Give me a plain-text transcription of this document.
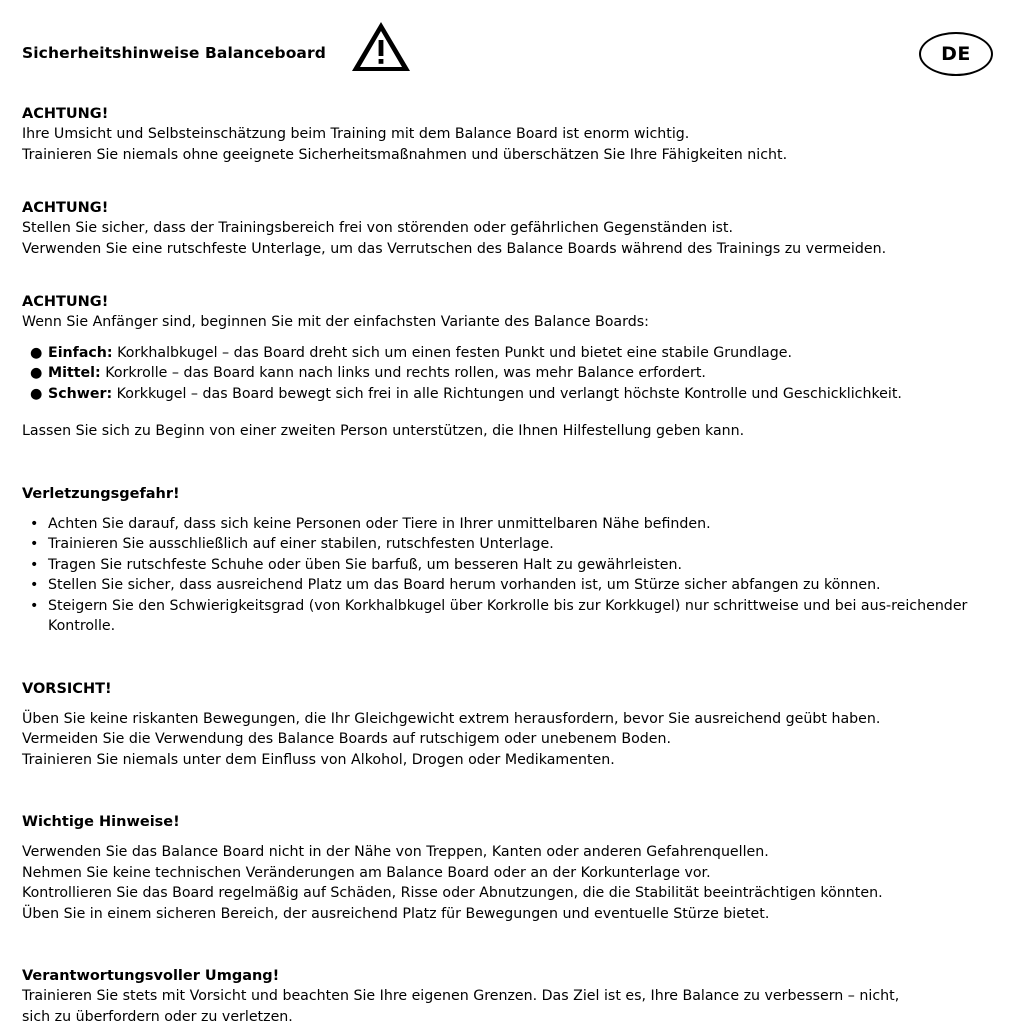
Sicherheitshinweise Balanceboard	DE
ACHTUNG!
Ihre Umsicht und Selbsteinschätzung beim Training mit dem Balance Board ist enorm wichtig.
Trainieren Sie niemals ohne geeignete Sicherheitsmaßnahmen und überschätzen Sie Ihre Fähigkeiten nicht.
ACHTUNG!
Stellen Sie sicher, dass der Trainingsbereich frei von störenden oder gefährlichen Gegenständen ist.
Verwenden Sie eine rutschfeste Unterlage, um das Verrutschen des Balance Boards während des Trainings zu vermeiden.
ACHTUNG!
Wenn Sie Anfänger sind, beginnen Sie mit der einfachsten Variante des Balance Boards:
● Einfach: Korkhalbkugel – das Board dreht sich um einen festen Punkt und bietet eine stabile Grundlage.
● Mittel: Korkrolle – das Board kann nach links und rechts rollen, was mehr Balance erfordert.
● Schwer: Korkkugel – das Board bewegt sich frei in alle Richtungen und verlangt höchste Kontrolle und Geschicklichkeit.
Lassen Sie sich zu Beginn von einer zweiten Person unterstützen, die Ihnen Hilfestellung geben kann.
Verletzungsgefahr!
• Achten Sie darauf, dass sich keine Personen oder Tiere in Ihrer unmittelbaren Nähe befinden.
• Trainieren Sie ausschließlich auf einer stabilen, rutschfesten Unterlage.
• Tragen Sie rutschfeste Schuhe oder üben Sie barfuß, um besseren Halt zu gewährleisten.
• Stellen Sie sicher, dass ausreichend Platz um das Board herum vorhanden ist, um Stürze sicher abfangen zu können.
• Steigern Sie den Schwierigkeitsgrad (von Korkhalbkugel über Korkrolle bis zur Korkkugel) nur schrittweise und bei aus-reichender Kontrolle.
VORSICHT!
Üben Sie keine riskanten Bewegungen, die Ihr Gleichgewicht extrem herausfordern, bevor Sie ausreichend geübt haben.
Vermeiden Sie die Verwendung des Balance Boards auf rutschigem oder unebenem Boden.
Trainieren Sie niemals unter dem Einfluss von Alkohol, Drogen oder Medikamenten.
Wichtige Hinweise!
Verwenden Sie das Balance Board nicht in der Nähe von Treppen, Kanten oder anderen Gefahrenquellen.
Nehmen Sie keine technischen Veränderungen am Balance Board oder an der Korkunterlage vor.
Kontrollieren Sie das Board regelmäßig auf Schäden, Risse oder Abnutzungen, die die Stabilität beeinträchtigen könnten.
Üben Sie in einem sicheren Bereich, der ausreichend Platz für Bewegungen und eventuelle Stürze bietet.
Verantwortungsvoller Umgang!
Trainieren Sie stets mit Vorsicht und beachten Sie Ihre eigenen Grenzen. Das Ziel ist es, Ihre Balance zu verbessern – nicht,
sich zu überfordern oder zu verletzen.
